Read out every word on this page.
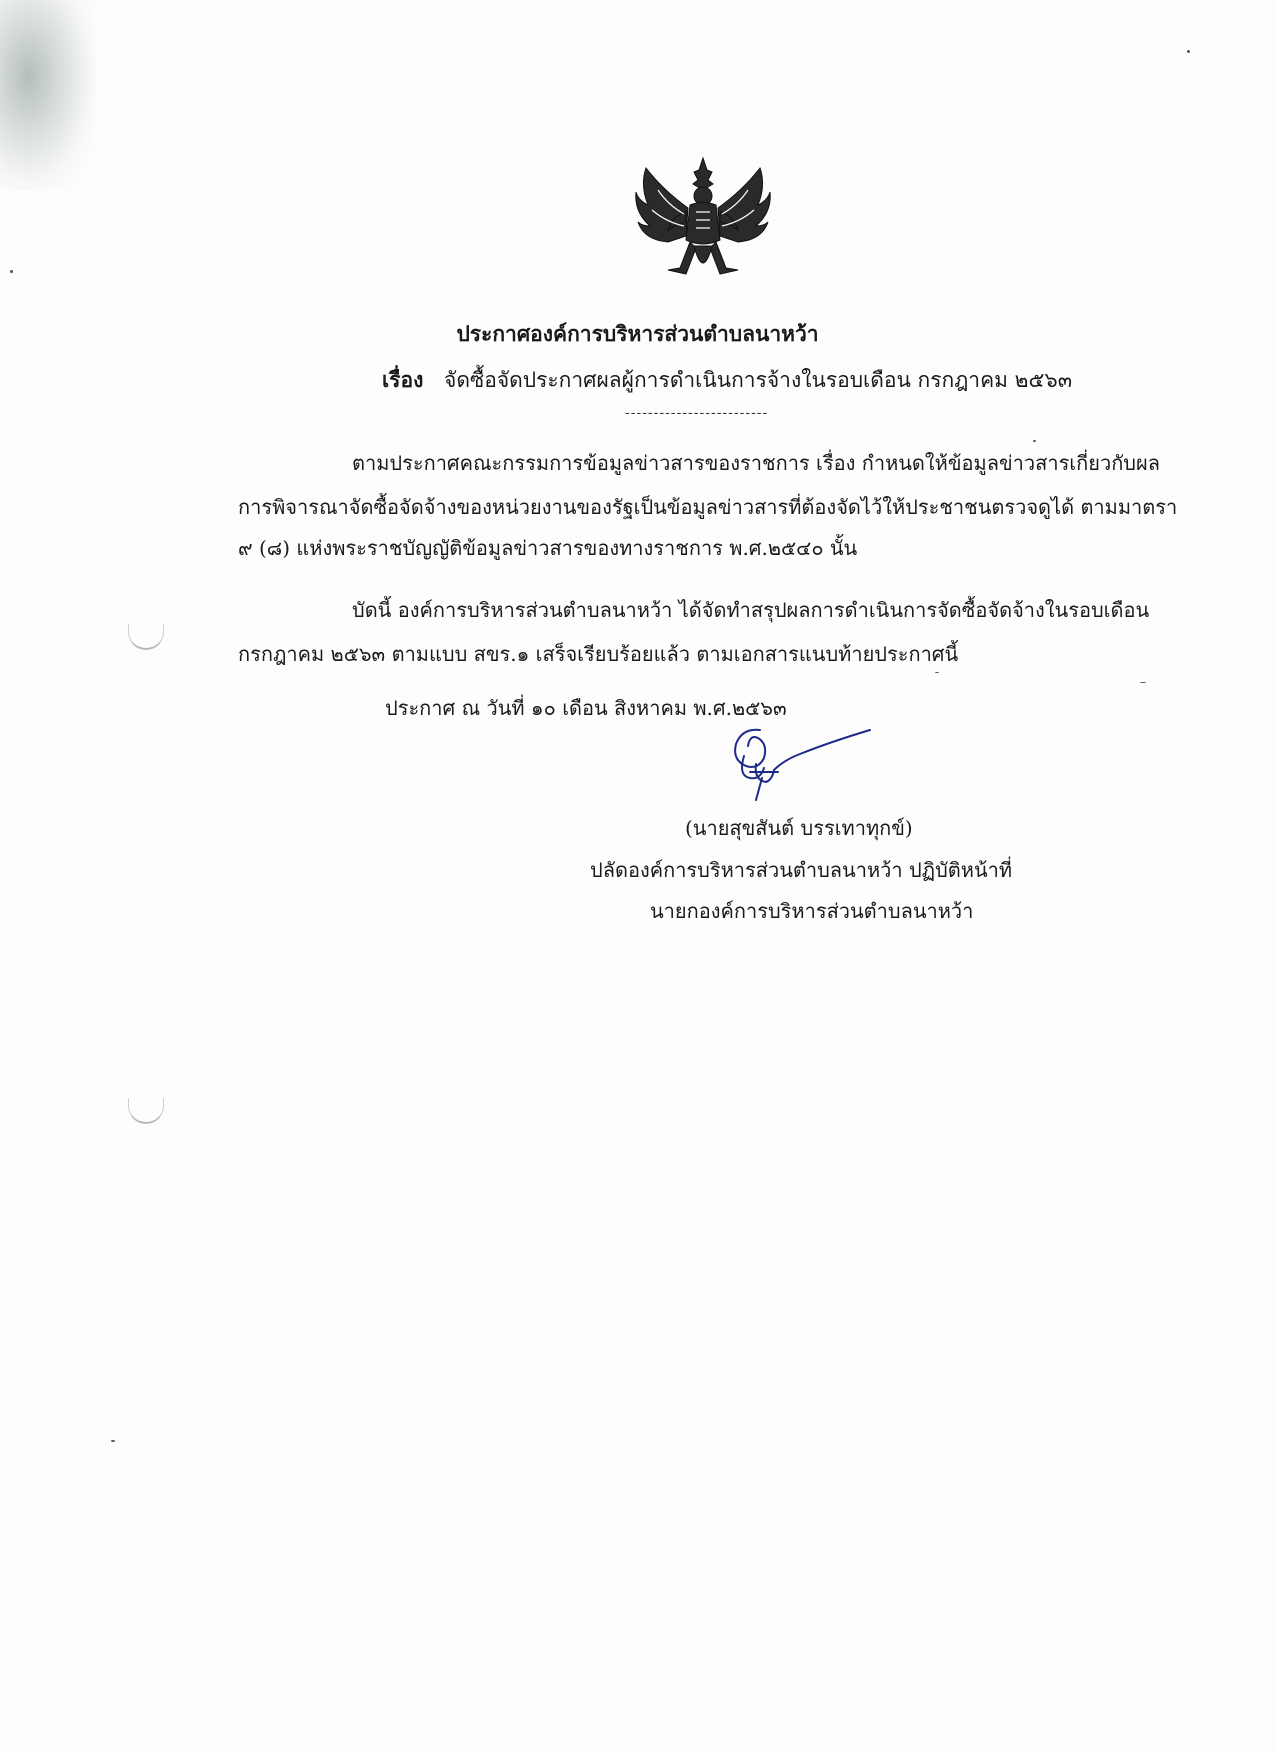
ประกาศองค์การบริหารส่วนตำบลนาหว้า
เรื่อง จัดซื้อจัดประกาศผลผู้การดำเนินการจ้างในรอบเดือน กรกฎาคม ๒๕๖๓
-------------------------
ตามประกาศคณะกรรมการข้อมูลข่าวสารของราชการ เรื่อง กำหนดให้ข้อมูลข่าวสารเกี่ยวกับผล
การพิจารณาจัดซื้อจัดจ้างของหน่วยงานของรัฐเป็นข้อมูลข่าวสารที่ต้องจัดไว้ให้ประชาชนตรวจดูได้ ตามมาตรา
๙ (๘) แห่งพระราชบัญญัติข้อมูลข่าวสารของทางราชการ พ.ศ.๒๕๔๐ นั้น
บัดนี้ องค์การบริหารส่วนตำบลนาหว้า ได้จัดทำสรุปผลการดำเนินการจัดซื้อจัดจ้างในรอบเดือน
กรกฎาคม ๒๕๖๓ ตามแบบ สขร.๑ เสร็จเรียบร้อยแล้ว ตามเอกสารแนบท้ายประกาศนี้
ประกาศ ณ วันที่ ๑๐ เดือน สิงหาคม พ.ศ.๒๕๖๓
(นายสุขสันต์ บรรเทาทุกข์)
ปลัดองค์การบริหารส่วนตำบลนาหว้า ปฏิบัติหน้าที่
นายกองค์การบริหารส่วนตำบลนาหว้า
